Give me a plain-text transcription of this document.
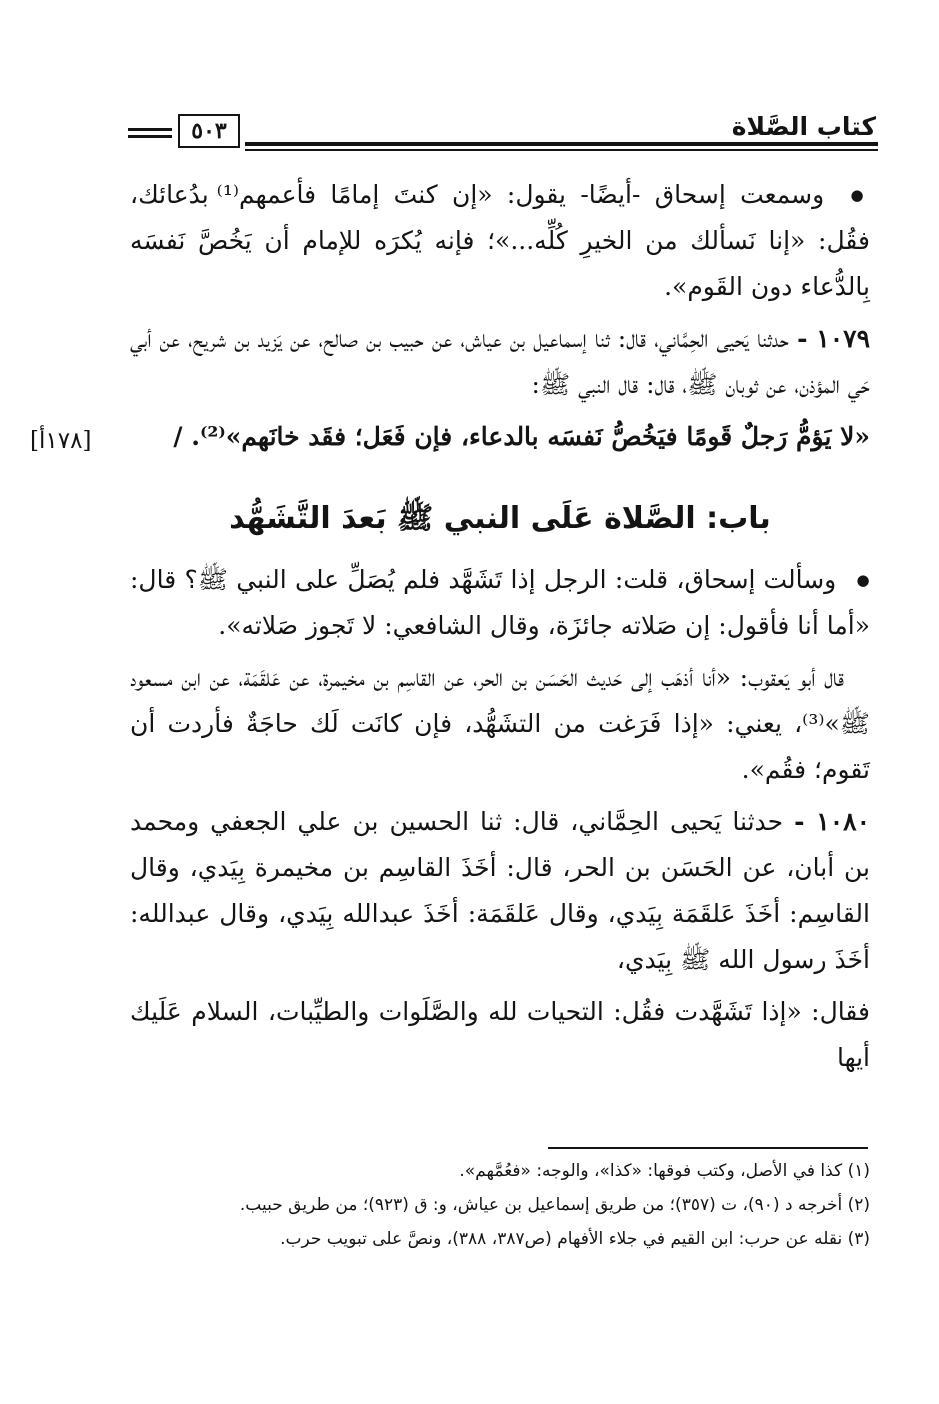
كتاب الصَّلاة
٥٠٣
[١٧٨أ]

● وسمعت إسحاق -أيضًا- يقول: «إن كنتَ إمامًا فأعمهم⁽¹⁾ بدُعائك، فقُل: «إنا نَسألك من الخيرِ كُلِّه...»؛ فإنه يُكرَه للإمام أن يَخُصَّ نَفسَه بِالدُّعاء دون القَوم».

١٠٧٩ - حدثنا يَحيى الحِمَّاني، قال: ثنا إسماعيل بن عياش، عن حبيب بن صالح، عن يَزيد بن شريح، عن أبي حَي المؤذن، عن ثوبان ﷺ، قال: قال النبي ﷺ:

«لا يَؤمُّ رَجلٌ قَومًا فيَخُصُّ نَفسَه بالدعاء، فإن فَعَل؛ فقَد خانَهم»⁽²⁾. /

باب: الصَّلاة عَلَى النبي ﷺ بَعدَ التَّشَهُّد

● وسألت إسحاق، قلت: الرجل إذا تَشَهَّد فلم يُصَلِّ على النبي ﷺ؟ قال: «أما أنا فأقول: إن صَلاته جائزَة، وقال الشافعي: لا تَجوز صَلاته».

قال أبو يَعقوب: «أنا أذهَب إلى حَديث الحَسَن بن الحر، عن القاسِم بن مخيمرة، عن عَلقَمَة، عن ابن مسعود ﷺ»⁽³⁾، يعني: «إذا فَرَغت من التشَهُّد، فإن كانَت لَك حاجَةٌ فأردت أن تَقوم؛ فقُم».

١٠٨٠ - حدثنا يَحيى الحِمَّاني، قال: ثنا الحسين بن علي الجعفي ومحمد بن أبان، عن الحَسَن بن الحر، قال: أخَذَ القاسِم بن مخيمرة بِيَدي، وقال القاسِم: أخَذَ عَلقَمَة بِيَدي، وقال عَلقَمَة: أخَذَ عبدالله بِيَدي، وقال عبدالله: أخَذَ رسول الله ﷺ بِيَدي،

فقال: «إذا تَشَهَّدت فقُل: التحيات لله والصَّلَوات والطيِّبات، السلام عَلَيك أيها

(١) كذا في الأصل، وكتب فوقها: «كذا»، والوجه: «فعُمَّهم».

(٢) أخرجه د (٩٠)، ت (٣٥٧)؛ من طريق إسماعيل بن عياش، و: ق (٩٢٣)؛ من طريق حبيب.

(٣) نقله عن حرب: ابن القيم في جلاء الأفهام (ص٣٨٧، ٣٨٨)، ونصَّ على تبويب حرب.
